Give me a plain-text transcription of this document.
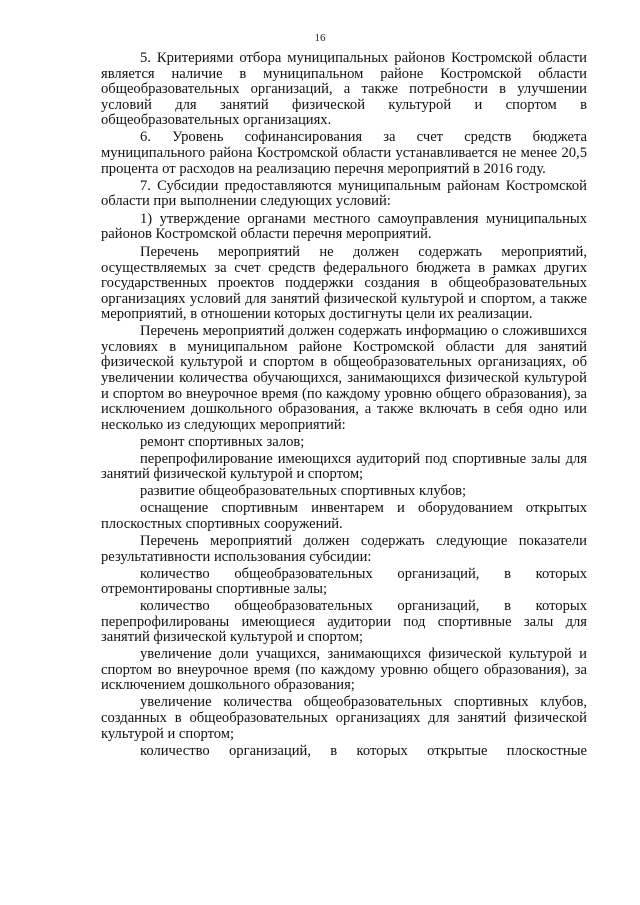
16

5. Критериями отбора муниципальных районов Костромской области является наличие в муниципальном районе Костромской области общеобразовательных организаций, а также потребности в улучшении условий для занятий физической культурой и спортом в общеобразовательных организациях.

6. Уровень софинансирования за счет средств бюджета муниципального района Костромской области устанавливается не менее 20,5 процента от расходов на реализацию перечня мероприятий в 2016 году.

7. Субсидии предоставляются муниципальным районам Костромской области при выполнении следующих условий:

1) утверждение органами местного самоуправления муниципальных районов Костромской области перечня мероприятий.

Перечень мероприятий не должен содержать мероприятий, осуществляемых за счет средств федерального бюджета в рамках других государственных проектов поддержки создания в общеобразовательных организациях условий для занятий физической культурой и спортом, а также мероприятий, в отношении которых достигнуты цели их реализации.

Перечень мероприятий должен содержать информацию о сложившихся условиях в муниципальном районе Костромской области для занятий физической культурой и спортом в общеобразовательных организациях, об увеличении количества обучающихся, занимающихся физической культурой и спортом во внеурочное время (по каждому уровню общего образования), за исключением дошкольного образования, а также включать в себя одно или несколько из следующих мероприятий:

ремонт спортивных залов;

перепрофилирование имеющихся аудиторий под спортивные залы для занятий физической культурой и спортом;

развитие общеобразовательных спортивных клубов;

оснащение спортивным инвентарем и оборудованием открытых плоскостных спортивных сооружений.

Перечень мероприятий должен содержать следующие показатели результативности использования субсидии:

количество общеобразовательных организаций, в которых отремонтированы спортивные залы;

количество общеобразовательных организаций, в которых перепрофилированы имеющиеся аудитории под спортивные залы для занятий физической культурой и спортом;

увеличение доли учащихся, занимающихся физической культурой и спортом во внеурочное время (по каждому уровню общего образования), за исключением дошкольного образования;

увеличение количества общеобразовательных спортивных клубов, созданных в общеобразовательных организациях для занятий физической культурой и спортом;

количество организаций, в которых открытые плоскостные
